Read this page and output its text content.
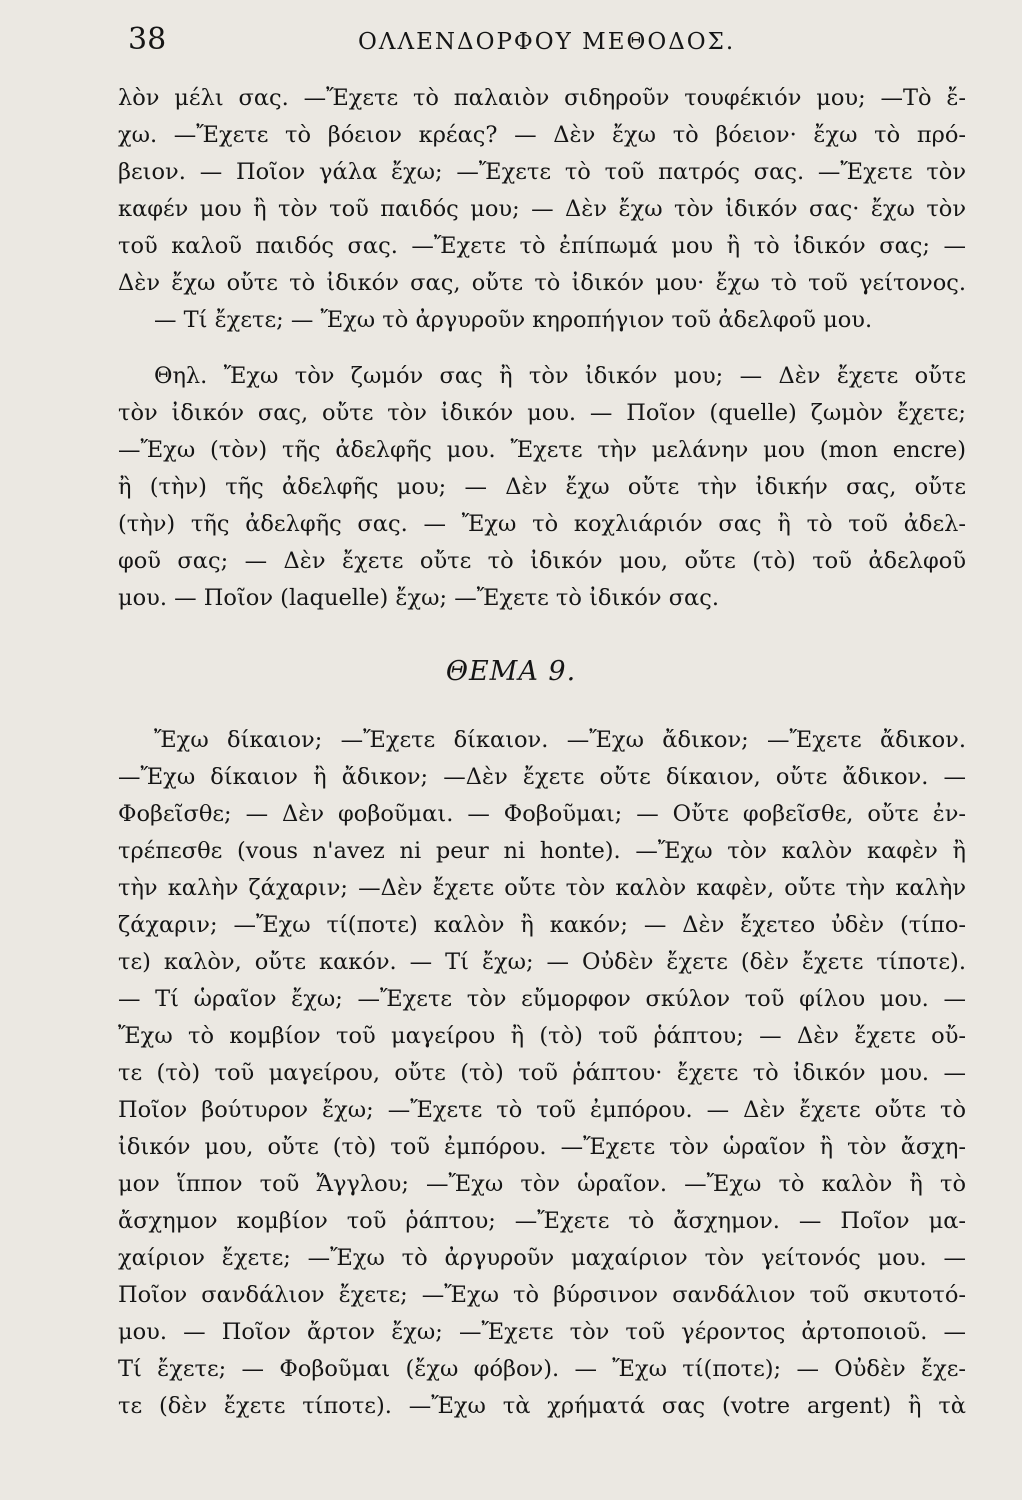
38	ΟΛΛΕΝΔΟΡΦΟΥ ΜΕΘΟΔΟΣ.
λὸν μέλι σας. —Ἔχετε τὸ παλαιὸν σιδηροῦν τουφέκιόν μου; —Τὸ ἔ-
χω. —Ἔχετε τὸ βόειον κρέας? — Δὲν ἔχω τὸ βόειον· ἔχω τὸ πρό-
βειον. — Ποῖον γάλα ἔχω; —Ἔχετε τὸ τοῦ πατρός σας. —Ἔχετε τὸν
καφέν μου ἢ τὸν τοῦ παιδός μου; — Δὲν ἔχω τὸν ἰδικόν σας· ἔχω τὸν
τοῦ καλοῦ παιδός σας. —Ἔχετε τὸ ἐπίπωμά μου ἢ τὸ ἰδικόν σας; —
Δὲν ἔχω οὔτε τὸ ἰδικόν σας, οὔτε τὸ ἰδικόν μου· ἔχω τὸ τοῦ γείτονος.
— Τί ἔχετε; — Ἔχω τὸ ἀργυροῦν κηροπήγιον τοῦ ἀδελφοῦ μου.
Θηλ. Ἔχω τὸν ζωμόν σας ἢ τὸν ἰδικόν μου; — Δὲν ἔχετε οὔτε
τὸν ἰδικόν σας, οὔτε τὸν ἰδικόν μου. — Ποῖον (quelle) ζωμὸν ἔχετε;
—Ἔχω (τὸν) τῆς ἀδελφῆς μου. Ἔχετε τὴν μελάνην μου (mon encre)
ἢ (τὴν) τῆς ἀδελφῆς μου; — Δὲν ἔχω οὔτε τὴν ἰδικήν σας, οὔτε
(τὴν) τῆς ἀδελφῆς σας. — Ἔχω τὸ κοχλιάριόν σας ἢ τὸ τοῦ ἀδελ-
φοῦ σας; — Δὲν ἔχετε οὔτε τὸ ἰδικόν μου, οὔτε (τὸ) τοῦ ἀδελφοῦ
μου. — Ποῖον (laquelle) ἔχω; —Ἔχετε τὸ ἰδικόν σας.
ΘΕΜΑ 9.
Ἔχω δίκαιον; —Ἔχετε δίκαιον. —Ἔχω ἄδικον; —Ἔχετε ἄδικον.
—Ἔχω δίκαιον ἢ ἄδικον; —Δὲν ἔχετε οὔτε δίκαιον, οὔτε ἄδικον. —
Φοβεῖσθε; — Δὲν φοβοῦμαι. — Φοβοῦμαι; — Οὔτε φοβεῖσθε, οὔτε ἐν-
τρέπεσθε (vous n'avez ni peur ni honte). —Ἔχω τὸν καλὸν καφὲν ἢ
τὴν καλὴν ζάχαριν; —Δὲν ἔχετε οὔτε τὸν καλὸν καφὲν, οὔτε τὴν καλὴν
ζάχαριν; —Ἔχω τί(ποτε) καλὸν ἢ κακόν; — Δὲν ἔχετεο ὐδὲν (τίπο-
τε) καλὸν, οὔτε κακόν. — Τί ἔχω; — Οὐδὲν ἔχετε (δὲν ἔχετε τίποτε).
— Τί ὡραῖον ἔχω; —Ἔχετε τὸν εὔμορφον σκύλον τοῦ φίλου μου. —
Ἔχω τὸ κομβίον τοῦ μαγείρου ἢ (τὸ) τοῦ ῥάπτου; — Δὲν ἔχετε οὔ-
τε (τὸ) τοῦ μαγείρου, οὔτε (τὸ) τοῦ ῥάπτου· ἔχετε τὸ ἰδικόν μου. —
Ποῖον βούτυρον ἔχω; —Ἔχετε τὸ τοῦ ἐμπόρου. — Δὲν ἔχετε οὔτε τὸ
ἰδικόν μου, οὔτε (τὸ) τοῦ ἐμπόρου. —Ἔχετε τὸν ὡραῖον ἢ τὸν ἄσχη-
μον ἵππον τοῦ Ἄγγλου; —Ἔχω τὸν ὡραῖον. —Ἔχω τὸ καλὸν ἢ τὸ
ἄσχημον κομβίον τοῦ ῥάπτου; —Ἔχετε τὸ ἄσχημον. — Ποῖον μα-
χαίριον ἔχετε; —Ἔχω τὸ ἀργυροῦν μαχαίριον τὸν γείτονός μου. —
Ποῖον σανδάλιον ἔχετε; —Ἔχω τὸ βύρσινον σανδάλιον τοῦ σκυτοτό-
μου. — Ποῖον ἄρτον ἔχω; —Ἔχετε τὸν τοῦ γέροντος ἀρτοποιοῦ. —
Τί ἔχετε; — Φοβοῦμαι (ἔχω φόβον). — Ἔχω τί(ποτε); — Οὐδὲν ἔχε-
τε (δὲν ἔχετε τίποτε). —Ἔχω τὰ χρήματά σας (votre argent) ἢ τὰ
